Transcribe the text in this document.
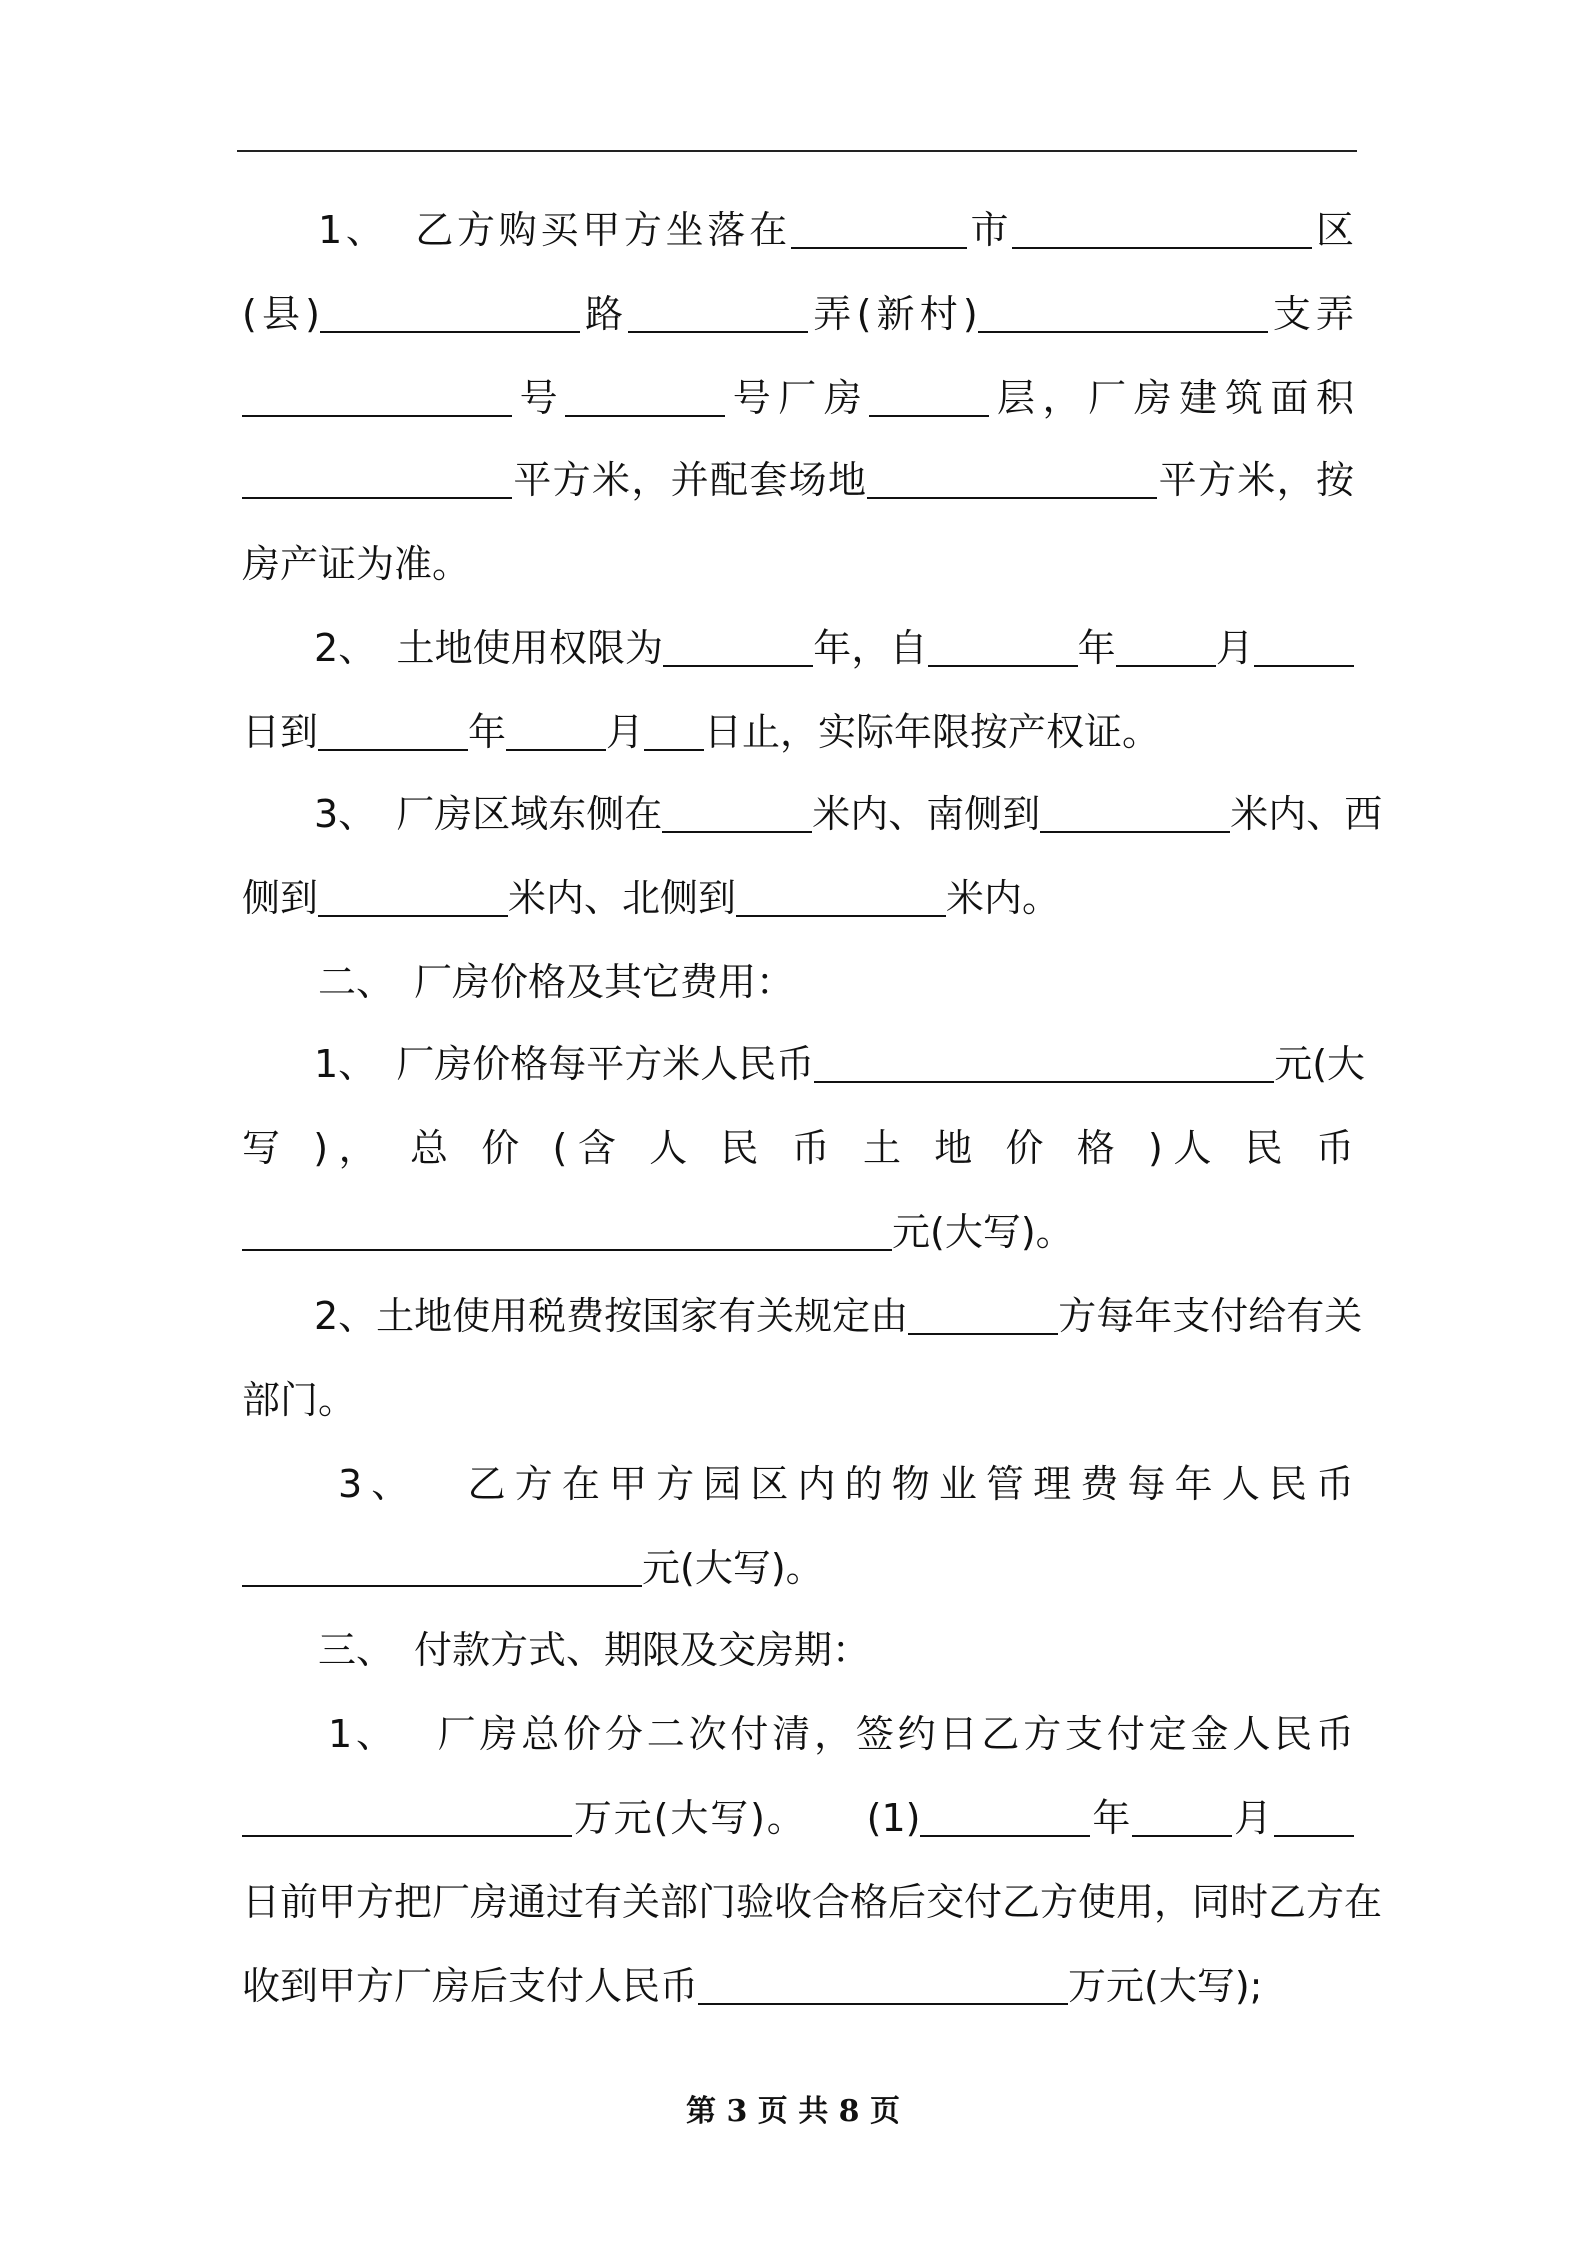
1、 乙方购买甲方坐落在	市	区
(县)	路	弄(新村)	支弄
号	号厂房	层，厂房建筑面积
平方米，并配套场地	平方米，按
房产证为准。
2、 土地使用权限为	年，自	年	月
日到	年	月 日止，实际年限按产权证。
3、 厂房区域东侧在	米内、南侧到	米内、西
侧到	米内、北侧到	米内。
二、 厂房价格及其它费用：
1、 厂房价格每平方米人民币	元(大
写 )， 总 价 (含 人 民 币 土 地 价 格 )人 民 币
元(大写)。
2、土地使用税费按国家有关规定由	方每年支付给有关
部门。
3、 乙方在甲方园区内的物业管理费每年人民币
元(大写)。
三、 付款方式、期限及交房期：
1、 厂房总价分二次付清，签约日乙方支付定金人民币
万元(大写)。 (1)	年	月
日前甲方把厂房通过有关部门验收合格后交付乙方使用，同时乙方在
收到甲方厂房后支付人民币	万元(大写);
第 3 页 共 8 页
